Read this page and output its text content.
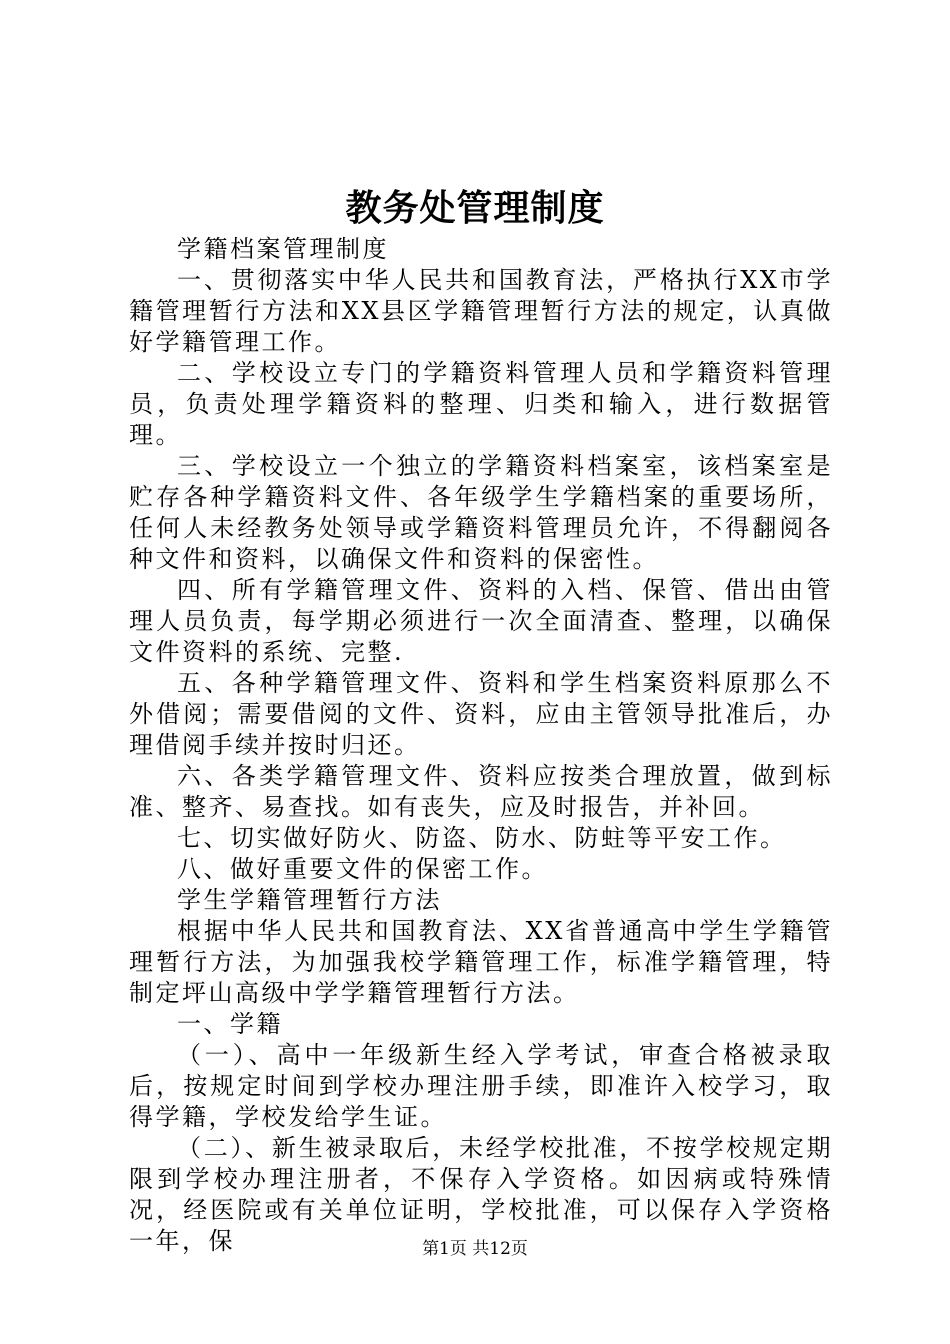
教务处管理制度

学籍档案管理制度

一、贯彻落实中华人民共和国教育法，严格执行XX市学籍管理暂行方法和XX县区学籍管理暂行方法的规定，认真做好学籍管理工作。

二、学校设立专门的学籍资料管理人员和学籍资料管理员，负责处理学籍资料的整理、归类和输入，进行数据管理。

三、学校设立一个独立的学籍资料档案室，该档案室是贮存各种学籍资料文件、各年级学生学籍档案的重要场所，任何人未经教务处领导或学籍资料管理员允许，不得翻阅各种文件和资料，以确保文件和资料的保密性。

四、所有学籍管理文件、资料的入档、保管、借出由管理人员负责，每学期必须进行一次全面清查、整理，以确保文件资料的系统、完整.

五、各种学籍管理文件、资料和学生档案资料原那么不外借阅；需要借阅的文件、资料，应由主管领导批准后，办理借阅手续并按时归还。

六、各类学籍管理文件、资料应按类合理放置，做到标准、整齐、易查找。如有丧失，应及时报告，并补回。

七、切实做好防火、防盗、防水、防蛀等平安工作。

八、做好重要文件的保密工作。

学生学籍管理暂行方法

根据中华人民共和国教育法、XX省普通高中学生学籍管理暂行方法，为加强我校学籍管理工作，标准学籍管理，特制定坪山高级中学学籍管理暂行方法。

一、学籍

（一）、高中一年级新生经入学考试，审查合格被录取后，按规定时间到学校办理注册手续，即准许入校学习，取得学籍，学校发给学生证。

（二）、新生被录取后，未经学校批准，不按学校规定期限到学校办理注册者，不保存入学资格。如因病或特殊情况，经医院或有关单位证明，学校批准，可以保存入学资格一年，保	第1页 共12页
